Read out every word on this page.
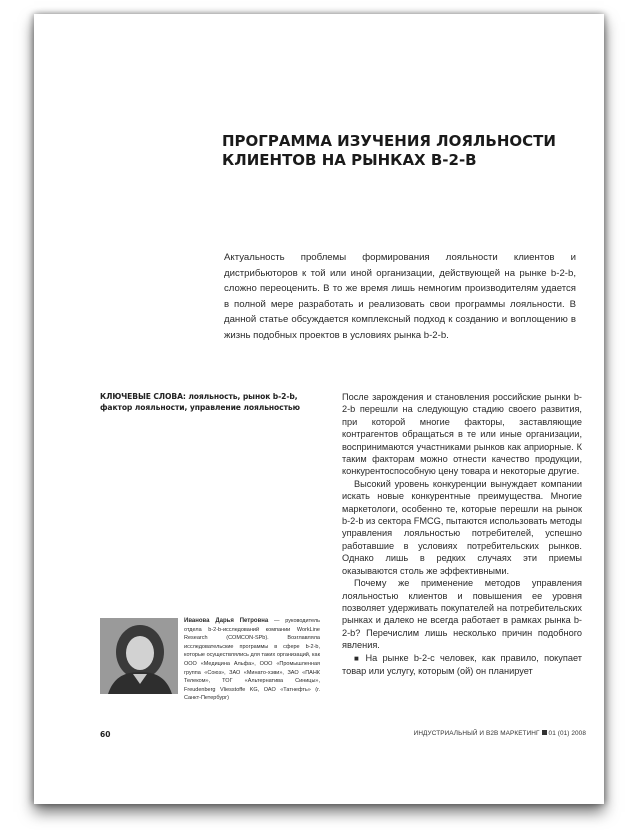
ПРОГРАММА ИЗУЧЕНИЯ ЛОЯЛЬНОСТИ
КЛИЕНТОВ НА РЫНКАХ B-2-B

Актуальность проблемы формирования лояльности клиентов и дистрибьюторов к той или иной организации, действующей на рынке b-2-b, сложно переоценить. В то же время лишь немногим производителям удается в полной мере разработать и реализовать свои программы лояльности. В данной статье обсуждается комплексный подход к созданию и воплощению в жизнь подобных проектов в условиях рынка b-2-b.

КЛЮЧЕВЫЕ СЛОВА: лояльность, рынок b-2-b, фактор лояльности, управление лояльностью

После зарождения и становления российские рынки b-2-b перешли на следующую стадию своего развития, при которой многие факторы, заставляющие контрагентов обращаться в те или иные организации, воспринимаются участниками рынков как априорные. К таким факторам можно отнести качество продукции, конкурентоспособную цену товара и некоторые другие.

Высокий уровень конкуренции вынуждает компании искать новые конкурентные преимущества. Многие маркетологи, особенно те, которые перешли на рынок b-2-b из сектора FMCG, пытаются использовать методы управления лояльностью потребителей, успешно работавшие в условиях потребительских рынков. Однако лишь в редких случаях эти приемы оказываются столь же эффективными.

Почему же применение методов управления лояльностью клиентов и повышения ее уровня позволяет удерживать покупателей на потребительских рынках и далеко не всегда работает в рамках рынка b-2-b? Перечислим лишь несколько причин подобного явления.

■ На рынке b-2-c человек, как правило, покупает товар или услугу, которым (ой) он планирует

Иванова Дарья Петровна — руководитель отдела b-2-b-исследований компании WorkLine Research (COMCON-SPb). Возглавляла исследовательские программы в сфере b-2-b, которые осуществлялись для таких организаций, как ООО «Медицина Альфа», ООО «Промышленная группа «Союз», ЗАО «Минато-хэви», ЗАО «ПАНК Телеком», ТОГ «Альтернатива Синицы», Freudenberg Vliesstoffe KG, ОАО «Татнефть» (г. Санкт-Петербург)

60	ИНДУСТРИАЛЬНЫЙ И B2B МАРКЕТИНГ 01 (01) 2008
